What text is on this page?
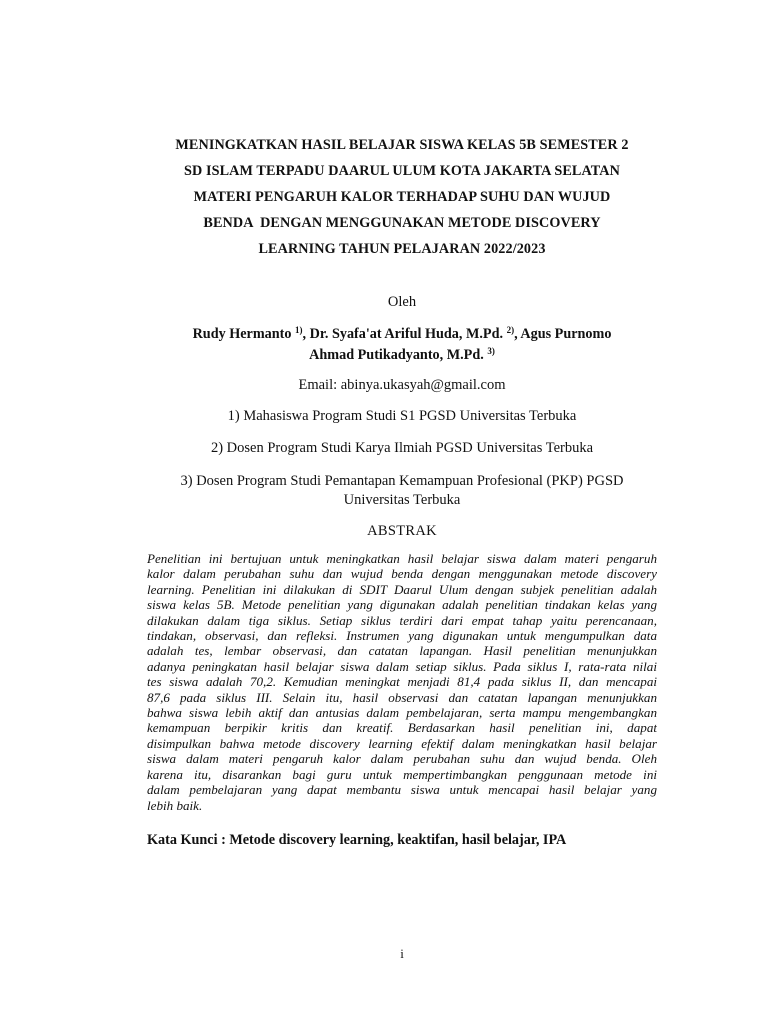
MENINGKATKAN HASIL BELAJAR SISWA KELAS 5B SEMESTER 2
SD ISLAM TERPADU DAARUL ULUM KOTA JAKARTA SELATAN
MATERI PENGARUH KALOR TERHADAP SUHU DAN WUJUD
BENDA  DENGAN MENGGUNAKAN METODE DISCOVERY
LEARNING TAHUN PELAJARAN 2022/2023
Oleh
Rudy Hermanto $^{1)}$, Dr. Syafa'at Ariful Huda, M.Pd. $^{2)}$, Agus Purnomo
Ahmad Putikadyanto, M.Pd. $^{3)}$
Email: abinya.ukasyah@gmail.com
1) Mahasiswa Program Studi S1 PGSD Universitas Terbuka
2) Dosen Program Studi Karya Ilmiah PGSD Universitas Terbuka
3) Dosen Program Studi Pemantapan Kemampuan Profesional (PKP) PGSD
Universitas Terbuka
ABSTRAK
Penelitian ini bertujuan untuk meningkatkan hasil belajar siswa dalam materi pengaruh
kalor dalam perubahan suhu dan wujud benda dengan menggunakan metode discovery
learning. Penelitian ini dilakukan di SDIT Daarul Ulum dengan subjek penelitian adalah
siswa kelas 5B. Metode penelitian yang digunakan adalah penelitian tindakan kelas yang
dilakukan dalam tiga siklus. Setiap siklus terdiri dari empat tahap yaitu perencanaan,
tindakan, observasi, dan refleksi. Instrumen yang digunakan untuk mengumpulkan data
adalah tes, lembar observasi, dan catatan lapangan. Hasil penelitian menunjukkan
adanya peningkatan hasil belajar siswa dalam setiap siklus. Pada siklus I, rata-rata nilai
tes siswa adalah 70,2. Kemudian meningkat menjadi 81,4 pada siklus II, dan mencapai
87,6 pada siklus III. Selain itu, hasil observasi dan catatan lapangan menunjukkan
bahwa siswa lebih aktif dan antusias dalam pembelajaran, serta mampu mengembangkan
kemampuan berpikir kritis dan kreatif. Berdasarkan hasil penelitian ini, dapat
disimpulkan bahwa metode discovery learning efektif dalam meningkatkan hasil belajar
siswa dalam materi pengaruh kalor dalam perubahan suhu dan wujud benda. Oleh
karena itu, disarankan bagi guru untuk mempertimbangkan penggunaan metode ini
dalam pembelajaran yang dapat membantu siswa untuk mencapai hasil belajar yang
lebih baik.
Kata Kunci : Metode discovery learning, keaktifan, hasil belajar, IPA
i
